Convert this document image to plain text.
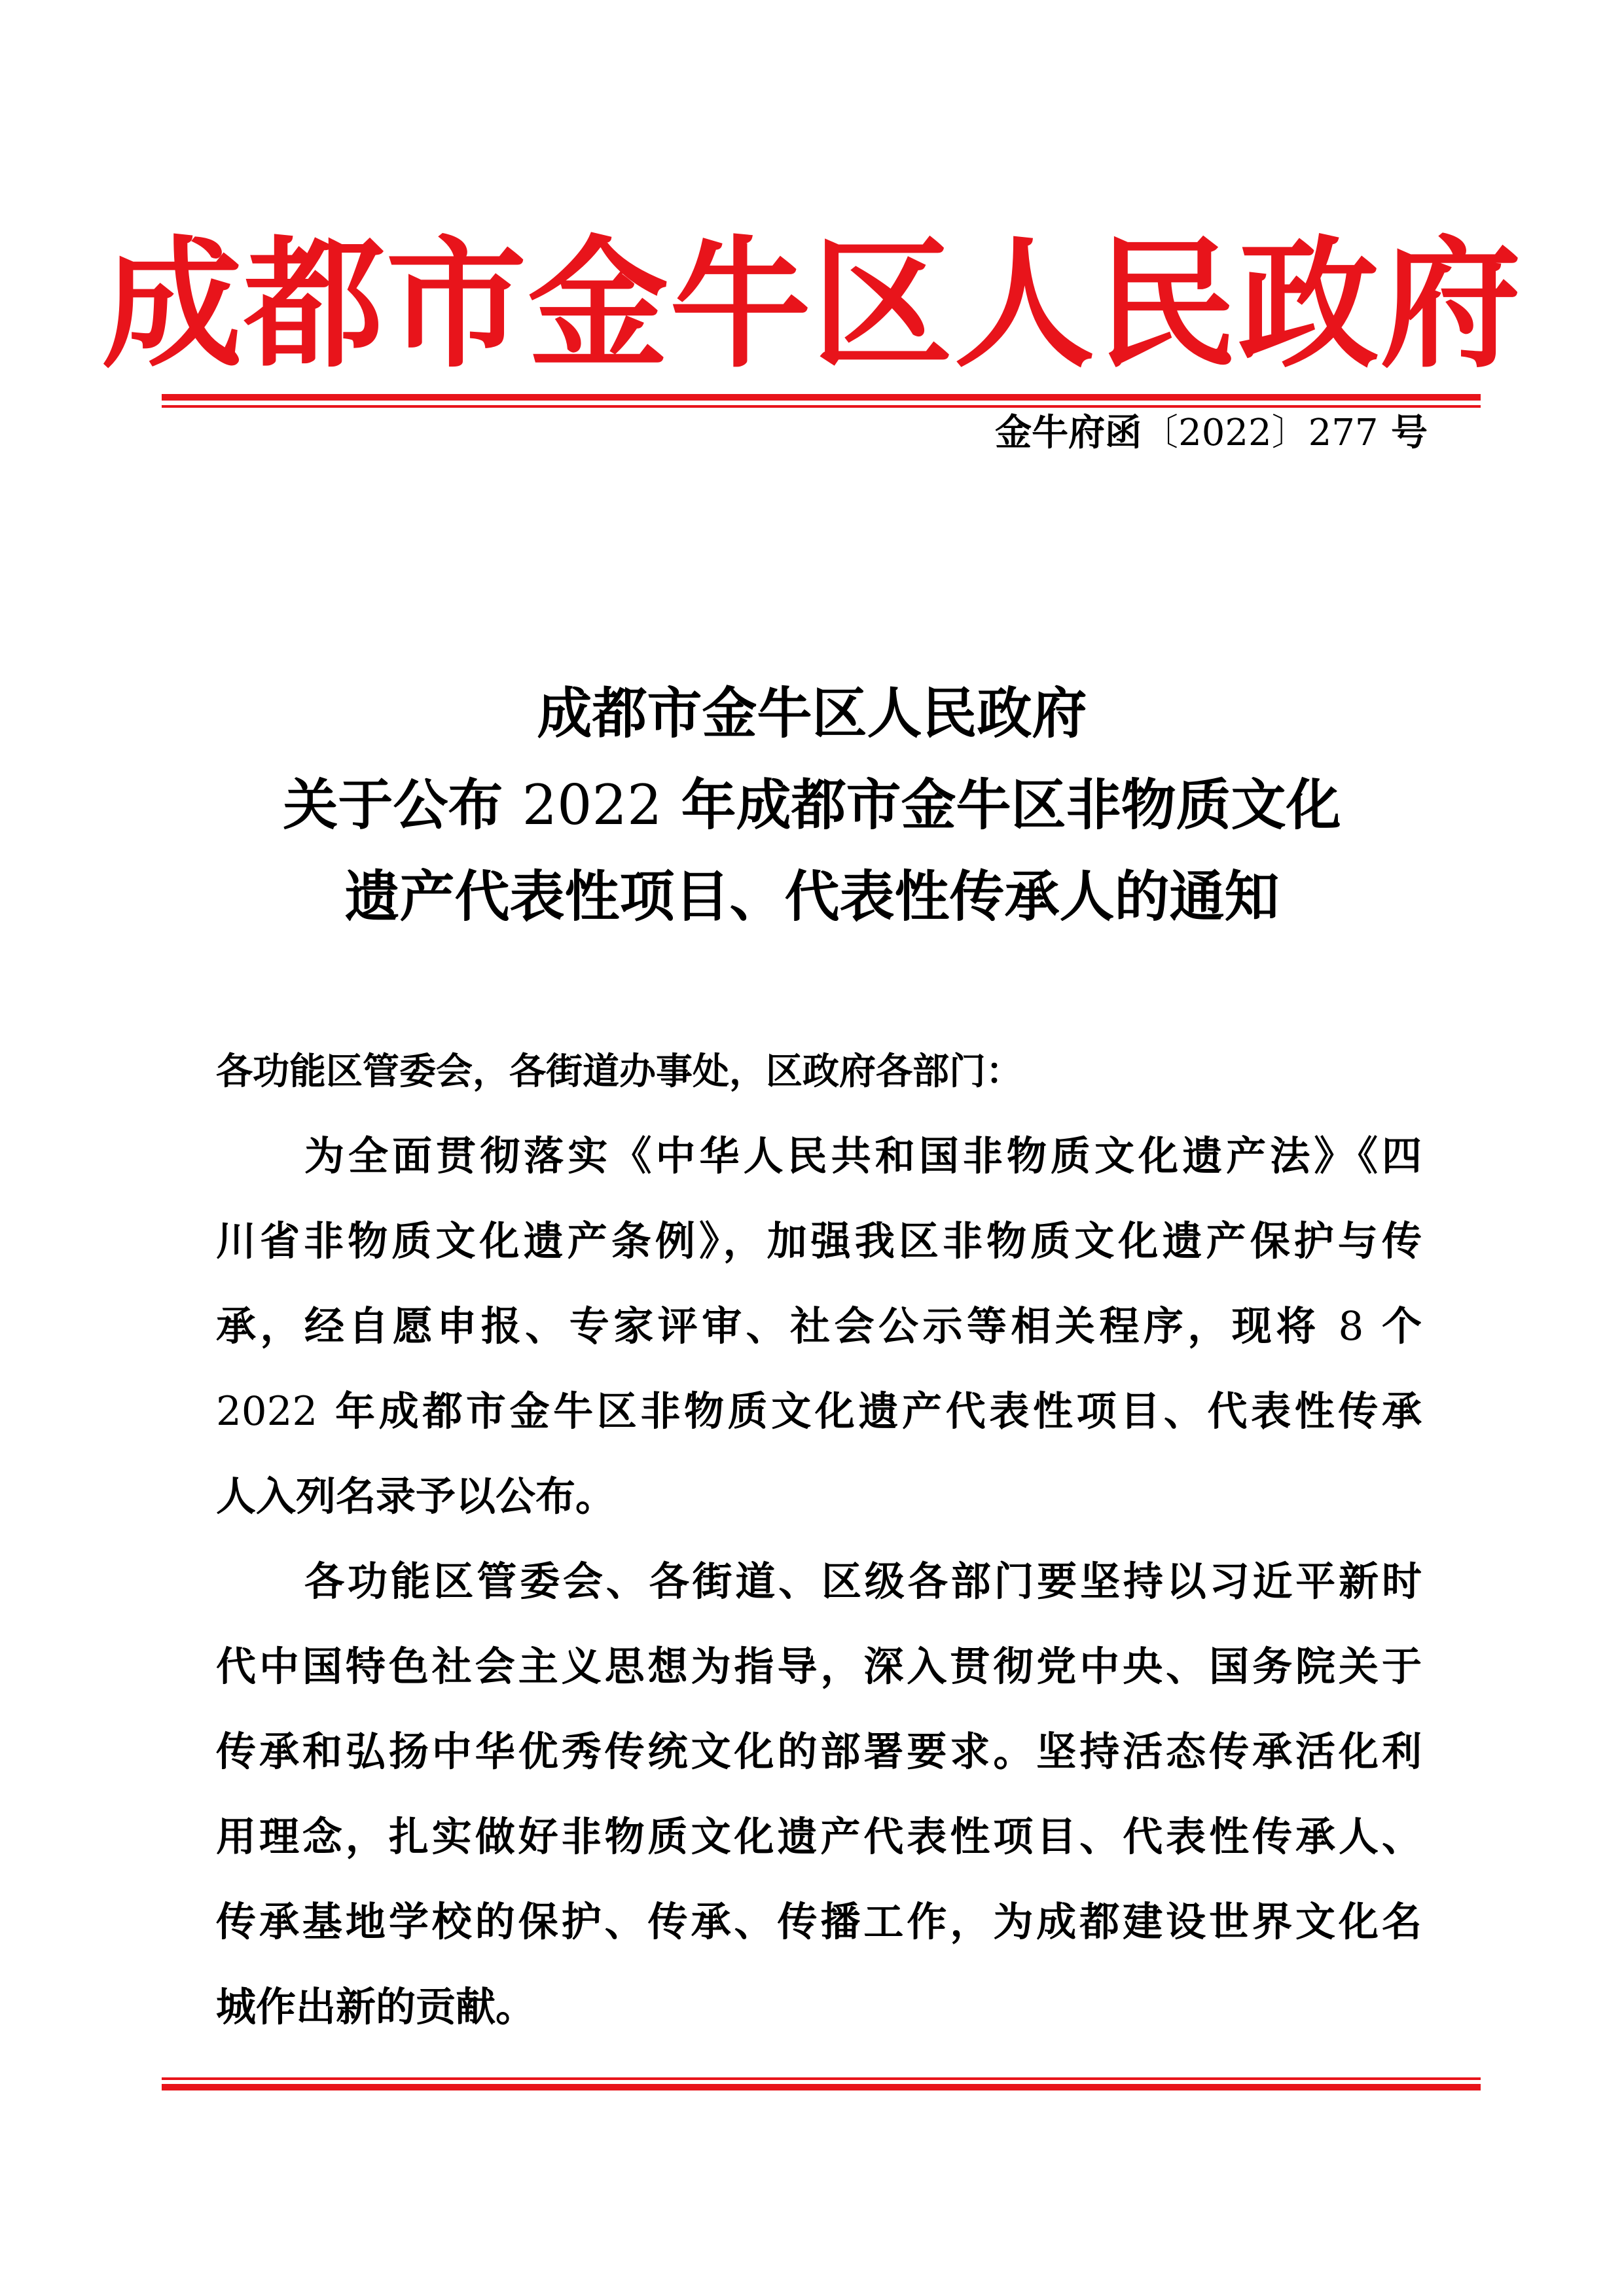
成都市金牛区人民政府
金牛府函〔2022〕277 号
成都市金牛区人民政府
关于公布 2022 年成都市金牛区非物质文化
遗产代表性项目、代表性传承人的通知
各功能区管委会，各街道办事处，区政府各部门：
为全面贯彻落实《中华人民共和国非物质文化遗产法》《四
川省非物质文化遗产条例》，加强我区非物质文化遗产保护与传
承，经自愿申报、专家评审、社会公示等相关程序，现将 8 个
2022 年成都市金牛区非物质文化遗产代表性项目、代表性传承
人入列名录予以公布。
各功能区管委会、各街道、区级各部门要坚持以习近平新时
代中国特色社会主义思想为指导，深入贯彻党中央、国务院关于
传承和弘扬中华优秀传统文化的部署要求。坚持活态传承活化利
用理念，扎实做好非物质文化遗产代表性项目、代表性传承人、
传承基地学校的保护、传承、传播工作，为成都建设世界文化名
城作出新的贡献。
